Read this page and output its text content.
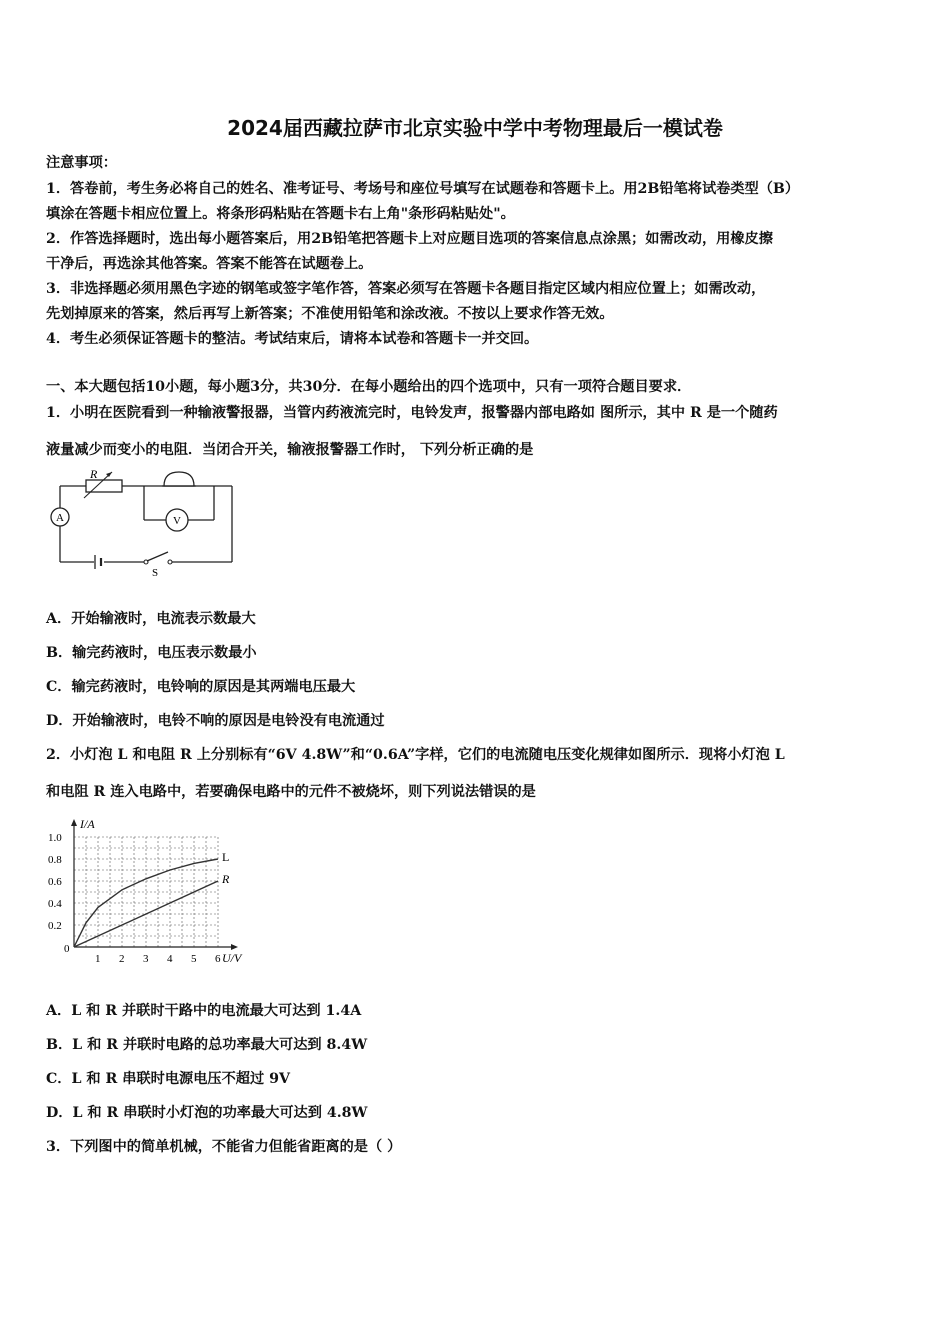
2024届西藏拉萨市北京实验中学中考物理最后一模试卷
注意事项：
1．答卷前，考生务必将自己的姓名、准考证号、考场号和座位号填写在试题卷和答题卡上。用2B铅笔将试卷类型（B）
填涂在答题卡相应位置上。将条形码粘贴在答题卡右上角"条形码粘贴处"。
2．作答选择题时，选出每小题答案后，用2B铅笔把答题卡上对应题目选项的答案信息点涂黑；如需改动，用橡皮擦
干净后，再选涂其他答案。答案不能答在试题卷上。
3．非选择题必须用黑色字迹的钢笔或签字笔作答，答案必须写在答题卡各题目指定区域内相应位置上；如需改动，
先划掉原来的答案，然后再写上新答案；不准使用铅笔和涂改液。不按以上要求作答无效。
4．考生必须保证答题卡的整洁。考试结束后，请将本试卷和答题卡一并交回。
一、本大题包括10小题，每小题3分，共30分．在每小题给出的四个选项中，只有一项符合题目要求．
1．小明在医院看到一种输液警报器，当管内药液流完时，电铃发声，报警器内部电路如 图所示，其中 R 是一个随药
液量减少而变小的电阻．当闭合开关，输液报警器工作时， 下列分析正确的是
R
A	V
S
A．开始输液时，电流表示数最大
B．输完药液时，电压表示数最小
C．输完药液时，电铃响的原因是其两端电压最大
D．开始输液时，电铃不响的原因是电铃没有电流通过
2．小灯泡 L 和电阻 R 上分别标有“6V 4.8W”和“0.6A”字样，它们的电流随电压变化规律如图所示．现将小灯泡 L
和电阻 R 连入电路中，若要确保电路中的元件不被烧坏，则下列说法错误的是
I/A
U/V
0
1 2 3 4 5 6
0.2
0.4
0.6
0.8
1.0
L
R
A．L 和 R 并联时干路中的电流最大可达到 1.4A
B．L 和 R 并联时电路的总功率最大可达到 8.4W
C．L 和 R 串联时电源电压不超过 9V
D．L 和 R 串联时小灯泡的功率最大可达到 4.8W
3．下列图中的简单机械，不能省力但能省距离的是（ ）
